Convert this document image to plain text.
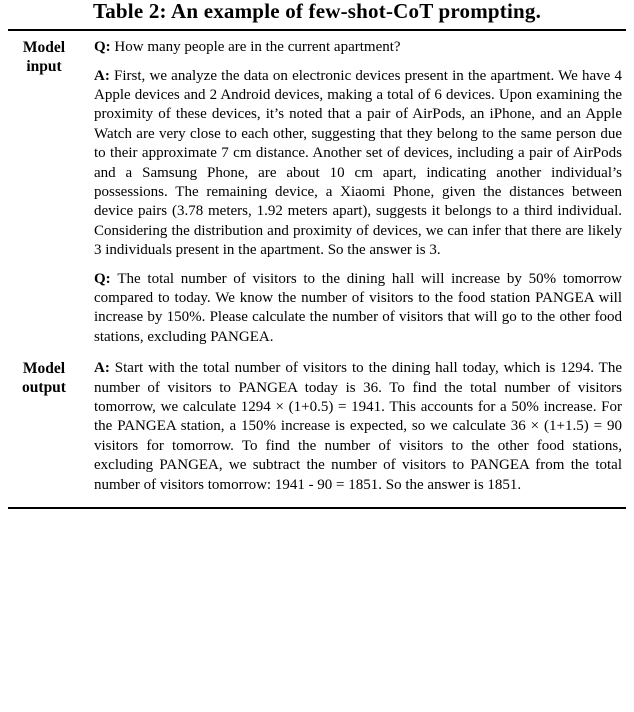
Table 2: An example of few-shot-CoT prompting.
Model input

Q: How many people are in the current apartment?

A: First, we analyze the data on electronic devices present in the apartment. We have 4 Apple devices and 2 Android devices, making a total of 6 devices. Upon examining the proximity of these devices, it’s noted that a pair of AirPods, an iPhone, and an Apple Watch are very close to each other, suggesting that they belong to the same person due to their approximate 7 cm distance. Another set of devices, including a pair of AirPods and a Samsung Phone, are about 10 cm apart, indicating another individual’s possessions. The remaining device, a Xiaomi Phone, given the distances between device pairs (3.78 meters, 1.92 meters apart), suggests it belongs to a third individual. Considering the distribution and proximity of devices, we can infer that there are likely 3 individuals present in the apartment. So the answer is 3.

Q: The total number of visitors to the dining hall will increase by 50% tomorrow compared to today. We know the number of visitors to the food station PANGEA will increase by 150%. Please calculate the number of visitors that will go to the other food stations, excluding PANGEA.

Model output

A: Start with the total number of visitors to the dining hall today, which is 1294. The number of visitors to PANGEA today is 36. To find the total number of visitors tomorrow, we calculate 1294 × (1+0.5) = 1941. This accounts for a 50% increase. For the PANGEA station, a 150% increase is expected, so we calculate 36 × (1+1.5) = 90 visitors for tomorrow. To find the number of visitors to the other food stations, excluding PANGEA, we subtract the number of visitors to PANGEA from the total number of visitors tomorrow: 1941 - 90 = 1851. So the answer is 1851.
